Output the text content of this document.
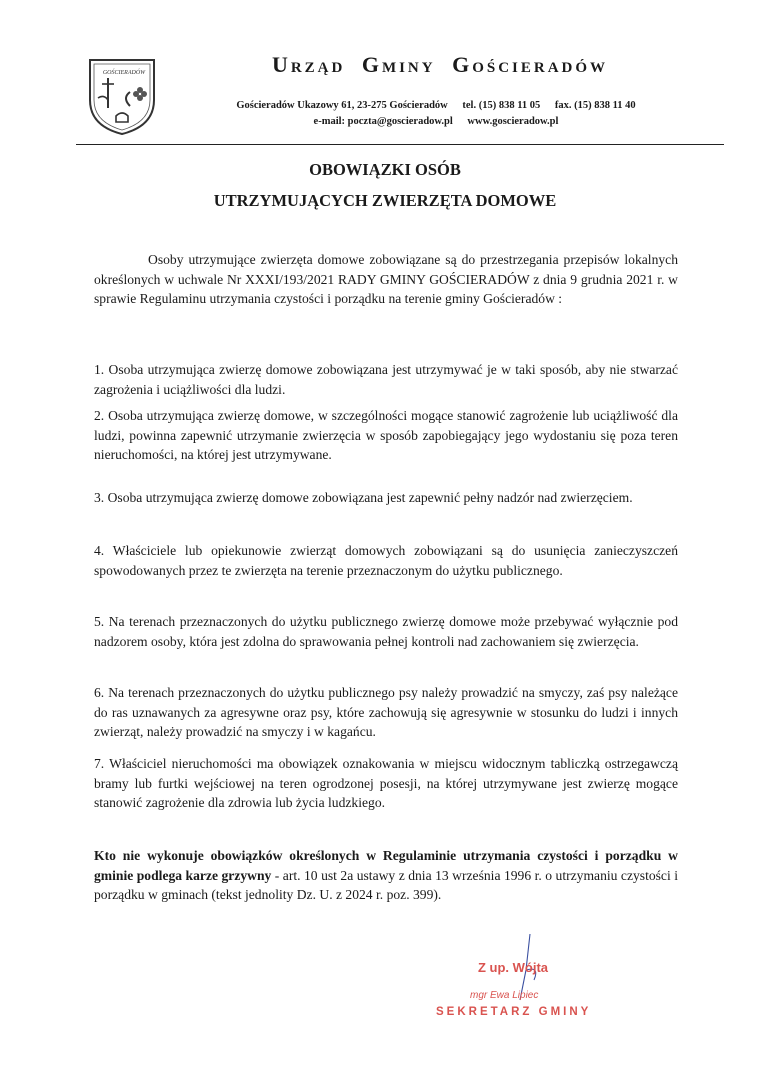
GOŚCIERADÓW	Urząd Gminy Gościeradów
Gościeradów Ukazowy 61, 23-275 Gościeradów tel. (15) 838 11 05 fax. (15) 838 11 40
e-mail: poczta@goscieradow.pl www.goscieradow.pl
OBOWIĄZKI OSÓB
UTRZYMUJĄCYCH ZWIERZĘTA DOMOWE

Osoby utrzymujące zwierzęta domowe zobowiązane są do przestrzegania przepisów lokalnych określonych w uchwale Nr XXXI/193/2021 RADY GMINY GOŚCIERADÓW z dnia 9 grudnia 2021 r. w sprawie Regulaminu utrzymania czystości i porządku na terenie gminy Gościeradów :

1. Osoba utrzymująca zwierzę domowe zobowiązana jest utrzymywać je w taki sposób, aby nie stwarzać zagrożenia i uciążliwości dla ludzi.

2. Osoba utrzymująca zwierzę domowe, w szczególności mogące stanowić zagrożenie lub uciążliwość dla ludzi, powinna zapewnić utrzymanie zwierzęcia w sposób zapobiegający jego wydostaniu się poza teren nieruchomości, na której jest utrzymywane.

3. Osoba utrzymująca zwierzę domowe zobowiązana jest zapewnić pełny nadzór nad zwierzęciem.

4. Właściciele lub opiekunowie zwierząt domowych zobowiązani są do usunięcia zanieczyszczeń spowodowanych przez te zwierzęta na terenie przeznaczonym do użytku publicznego.

5. Na terenach przeznaczonych do użytku publicznego zwierzę domowe może przebywać wyłącznie pod nadzorem osoby, która jest zdolna do sprawowania pełnej kontroli nad zachowaniem się zwierzęcia.

6. Na terenach przeznaczonych do użytku publicznego psy należy prowadzić na smyczy, zaś psy należące do ras uznawanych za agresywne oraz psy, które zachowują się agresywnie w stosunku do ludzi i innych zwierząt, należy prowadzić na smyczy i w kagańcu.

7. Właściciel nieruchomości ma obowiązek oznakowania w miejscu widocznym tabliczką ostrzegawczą bramy lub furtki wejściowej na teren ogrodzonej posesji, na której utrzymywane jest zwierzę mogące stanowić zagrożenie dla zdrowia lub życia ludzkiego.

Kto nie wykonuje obowiązków określonych w Regulaminie utrzymania czystości i porządku w gminie podlega karze grzywny - art. 10 ust 2a ustawy z dnia 13 września 1996 r. o utrzymaniu czystości i porządku w gminach (tekst jednolity Dz. U. z 2024 r. poz. 399).

Z up. Wójta
mgr Ewa Lipiec
SEKRETARZ GMINY
